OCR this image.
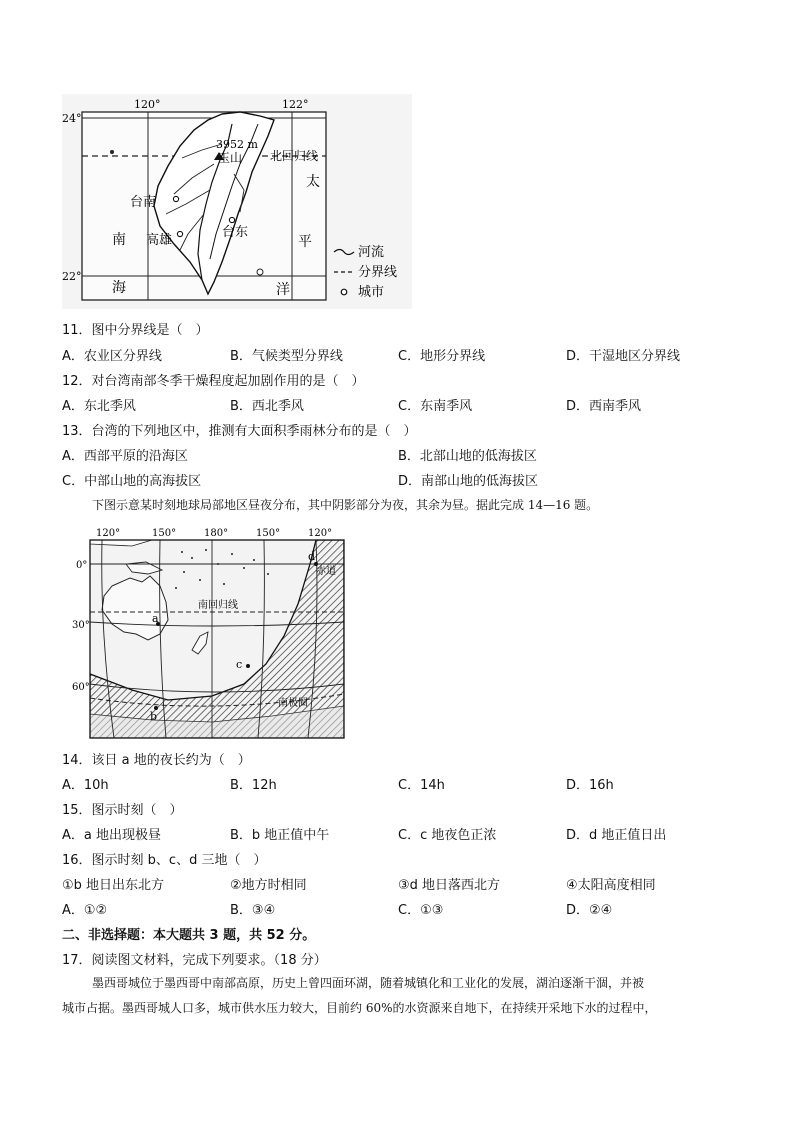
120°	122°
24°
22°
3952 m
玉山 北回归线
台南
高雄
台东
南
海
太
平
洋
河流
分界线
城市
11．图中分界线是（　）
A．农业区分界线	B．气候类型分界线	C．地形分界线	D．干湿地区分界线
12．对台湾南部冬季干燥程度起加剧作用的是（　）
A．东北季风	B．西北季风	C．东南季风	D．西南季风
13．台湾的下列地区中，推测有大面积季雨林分布的是（　）
A．西部平原的沿海区	B．北部山地的低海拔区
C．中部山地的高海拔区	D．南部山地的低海拔区
下图示意某时刻地球局部地区昼夜分布，其中阴影部分为夜，其余为昼。据此完成 14—16 题。
120°	150°	180°	150°	120°
0°
30°
60°
赤道
南回归线
南极圈
a
b
c
d
14．该日 a 地的夜长约为（　）
A．10h	B．12h	C．14h	D．16h
15．图示时刻（　）
A．a 地出现极昼	B．b 地正值中午	C．c 地夜色正浓	D．d 地正值日出
16．图示时刻 b、c、d 三地（　）
①b 地日出东北方	②地方时相同	③d 地日落西北方	④太阳高度相同
A．①②	B．③④	C．①③	D．②④
二、非选择题：本大题共 3 题，共 52 分。
17．阅读图文材料，完成下列要求。（18 分）
墨西哥城位于墨西哥中南部高原，历史上曾四面环湖，随着城镇化和工业化的发展，湖泊逐渐干涸，并被
城市占据。墨西哥城人口多，城市供水压力较大，目前约 60%的水资源来自地下，在持续开采地下水的过程中，
